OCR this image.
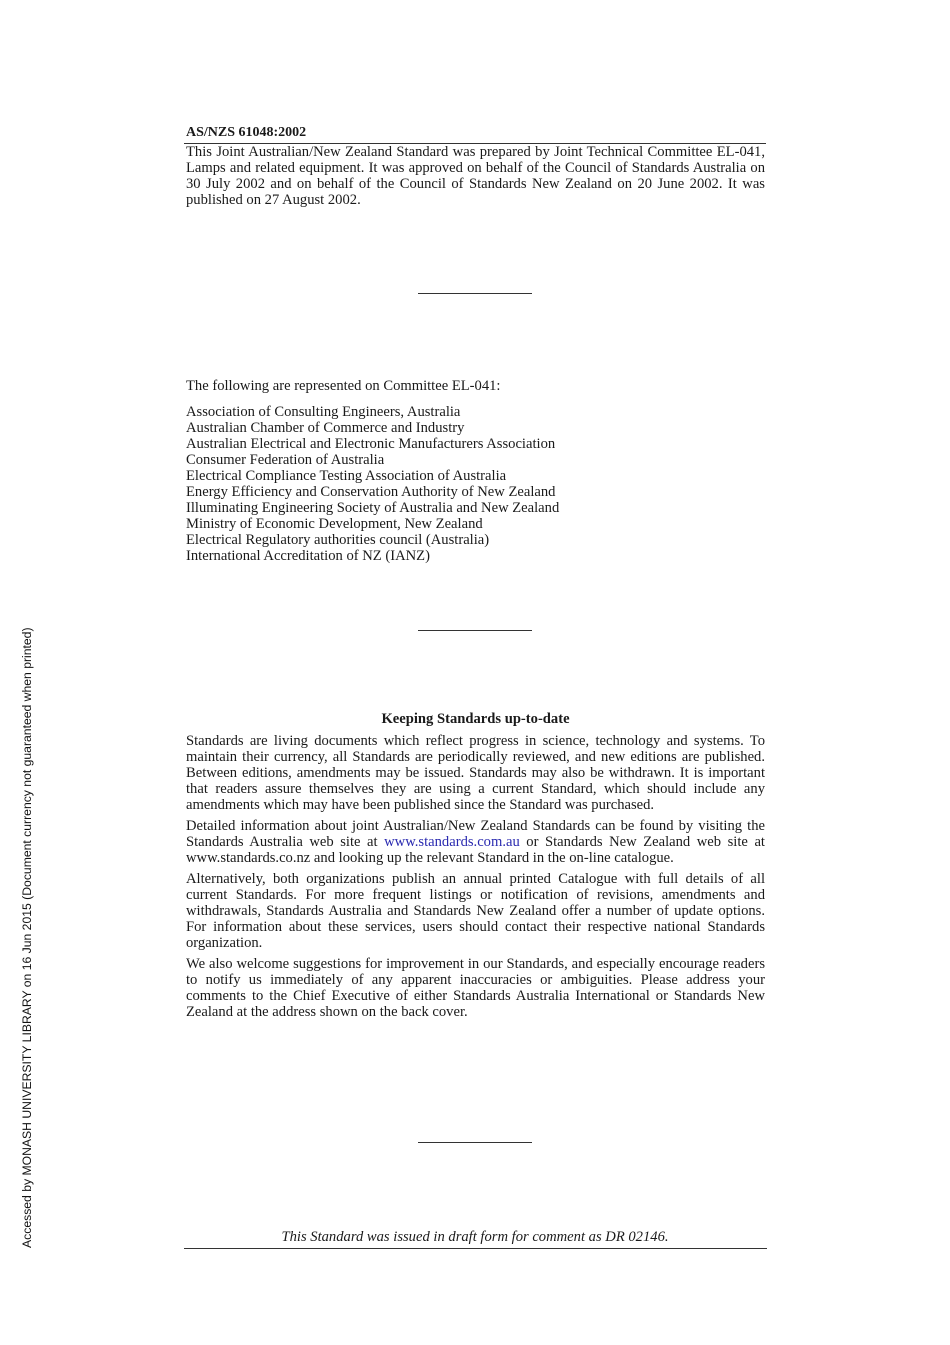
AS/NZS 61048:2002

This Joint Australian/New Zealand Standard was prepared by Joint Technical Committee EL-041, Lamps and related equipment. It was approved on behalf of the Council of Standards Australia on 30 July 2002 and on behalf of the Council of Standards New Zealand on 20 June 2002. It was published on 27 August 2002.

The following are represented on Committee EL-041:

Association of Consulting Engineers, Australia
Australian Chamber of Commerce and Industry
Australian Electrical and Electronic Manufacturers Association
Consumer Federation of Australia
Electrical Compliance Testing Association of Australia
Energy Efficiency and Conservation Authority of New Zealand
Illuminating Engineering Society of Australia and New Zealand
Ministry of Economic Development, New Zealand
Electrical Regulatory authorities council (Australia)
International Accreditation of NZ (IANZ)
Keeping Standards up-to-date

Standards are living documents which reflect progress in science, technology and systems. To maintain their currency, all Standards are periodically reviewed, and new editions are published. Between editions, amendments may be issued. Standards may also be withdrawn. It is important that readers assure themselves they are using a current Standard, which should include any amendments which may have been published since the Standard was purchased.

Detailed information about joint Australian/New Zealand Standards can be found by visiting the Standards Australia web site at www.standards.com.au or Standards New Zealand web site at www.standards.co.nz and looking up the relevant Standard in the on-line catalogue.

Alternatively, both organizations publish an annual printed Catalogue with full details of all current Standards. For more frequent listings or notification of revisions, amendments and withdrawals, Standards Australia and Standards New Zealand offer a number of update options. For information about these services, users should contact their respective national Standards organization.

We also welcome suggestions for improvement in our Standards, and especially encourage readers to notify us immediately of any apparent inaccuracies or ambiguities. Please address your comments to the Chief Executive of either Standards Australia International or Standards New Zealand at the address shown on the back cover.

This Standard was issued in draft form for comment as DR 02146.

Accessed by MONASH UNIVERSITY LIBRARY on 16 Jun 2015 (Document currency not guaranteed when printed)
